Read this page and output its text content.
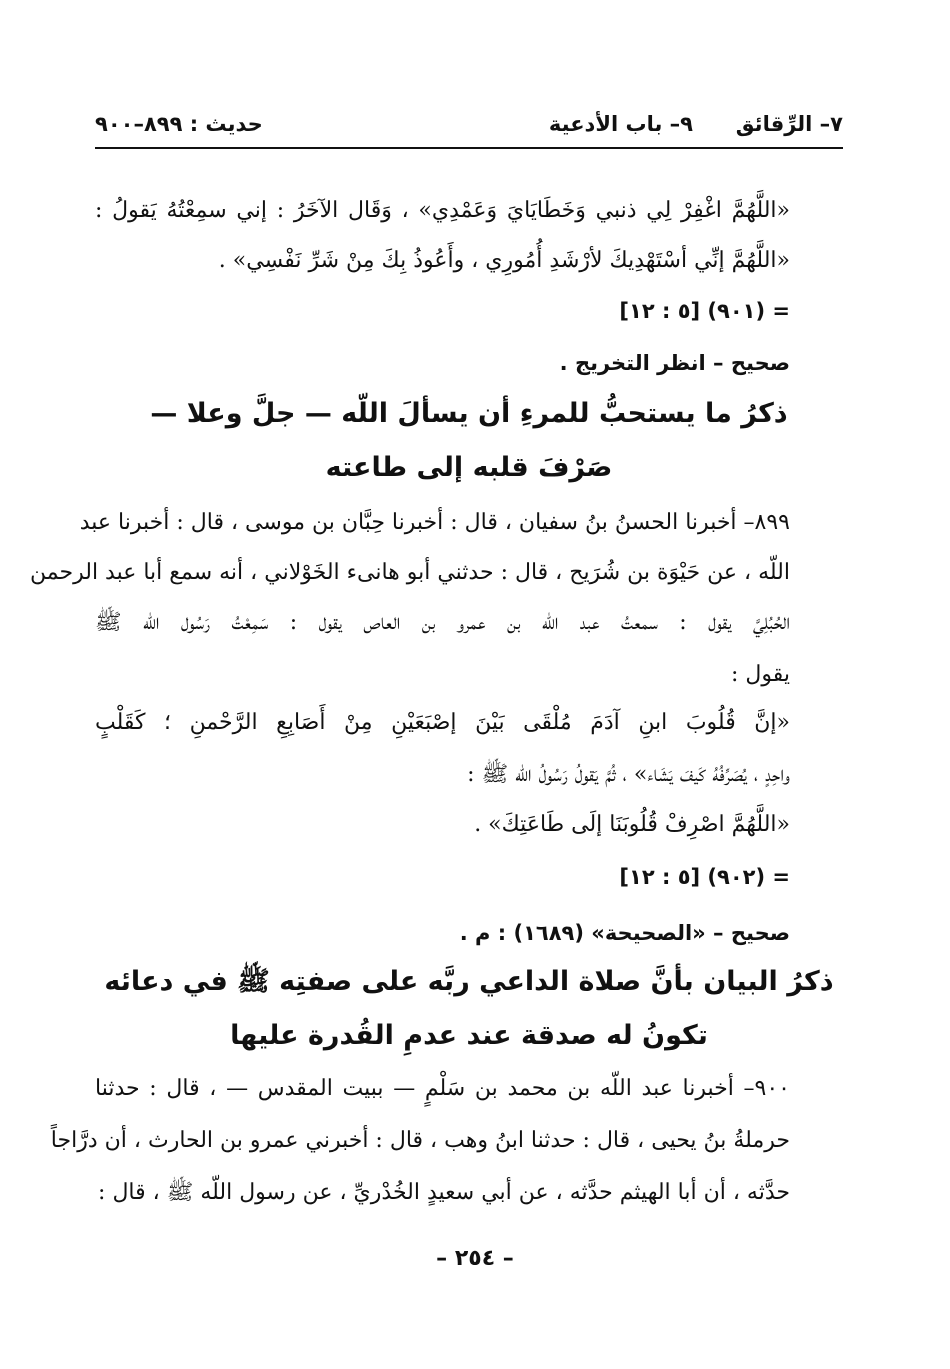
٧– الرِّقائق
٩– باب الأدعية
حديث : ٨٩٩–٩٠٠
«اللَّهُمَّ اغْفِرْ لِي ذنبي وَخَطَايَايَ وَعَمْدِي» ، وَقَال الآخَرُ : إني سمِعْتُهُ يَقولُ :
«اللَّهُمَّ إنِّي أسْتَهْدِيكَ لأرْشَدِ أُمُورِي ، وأَعُوذُ بِكَ مِنْ شَرِّ نَفْسِي» .
= (٩٠١) [٥ : ١٢]
صحيح – انظر التخريج .
ذكرُ ما يستحبُّ للمرءِ أن يسألَ اللّه — جلَّ وعلا —
صَرْفَ قلبه إلى طاعته
٨٩٩– أخبرنا الحسنُ بنُ سفيان ، قال : أخبرنا حِبَّان بن موسى ، قال : أخبرنا عبد
اللّه ، عن حَيْوَة بن شُرَيح ، قال : حدثني أبو هانىء الخَوْلاني ، أنه سمع أبا عبد الرحمن
الحُبُلِيَّ يقول : سمعتُ عبد اللّه بن عمرو بن العاص يقول : سَمِعْتُ رَسُول اللّه ﷺ
يقول :
«إنَّ قُلُوبَ ابنِ آدَمَ مُلْقَى بَيْنَ إصْبَعَيْنِ مِنْ أَصَابِعِ الرَّحْمنِ ؛ كَقَلْبٍ
واحِدٍ ، يُصَرِّفُهُ كَيفَ يَشَاء» ، ثُمَّ يَقولُ رَسُولُ اللّه ﷺ :
«اللَّهُمَّ اصْرِفْ قُلُوبَنَا إلَى طَاعَتِكَ» .
= (٩٠٢) [٥ : ١٢]
صحيح – «الصحيحة» (١٦٨٩) : م .
ذكرُ البيان بأنَّ صلاة الداعي ربَّه على صفتِه ﷺ في دعائه
تكونُ له صدقة عند عدمِ القُدرة عليها
٩٠٠– أخبرنا عبد اللّه بن محمد بن سَلْمٍ — ببيت المقدس — ، قال : حدثنا
حرملةُ بنُ يحيى ، قال : حدثنا ابنُ وهب ، قال : أخبرني عمرو بن الحارث ، أن درَّاجاً
حدَّثه ، أن أبا الهيثم حدَّثه ، عن أبي سعيدٍ الخُدْريِّ ، عن رسول اللّه ﷺ ، قال :
– ٢٥٤ –
